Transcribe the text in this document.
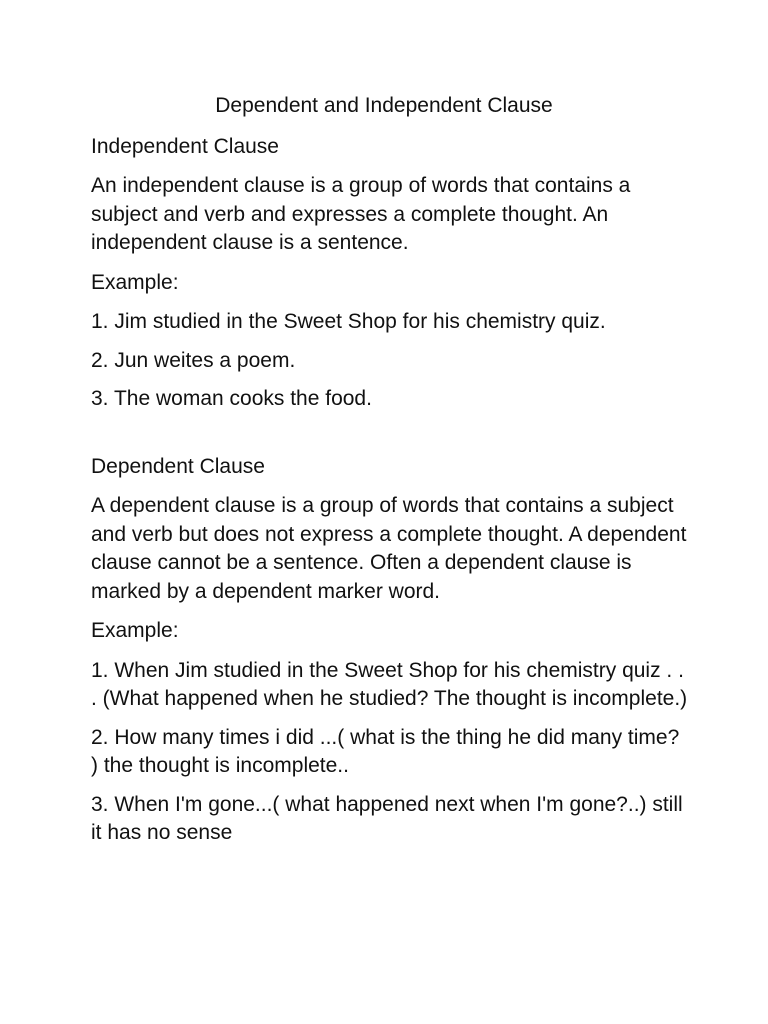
Dependent and Independent Clause
Independent Clause

An independent clause is a group of words that contains a subject and verb and expresses a complete thought. An independent clause is a sentence.

Example:

1. Jim studied in the Sweet Shop for his chemistry quiz.
2. Jun weites a poem.
3. The woman cooks the food.
Dependent Clause

A dependent clause is a group of words that contains a subject and verb but does not express a complete thought. A dependent clause cannot be a sentence. Often a dependent clause is marked by a dependent marker word.

Example:

1. When Jim studied in the Sweet Shop for his chemistry quiz . . . (What happened when he studied? The thought is incomplete.)
2. How many times i did ...( what is the thing he did many time? ) the thought is incomplete..
3. When I'm gone...( what happened next when I'm gone?..) still it has no sense
